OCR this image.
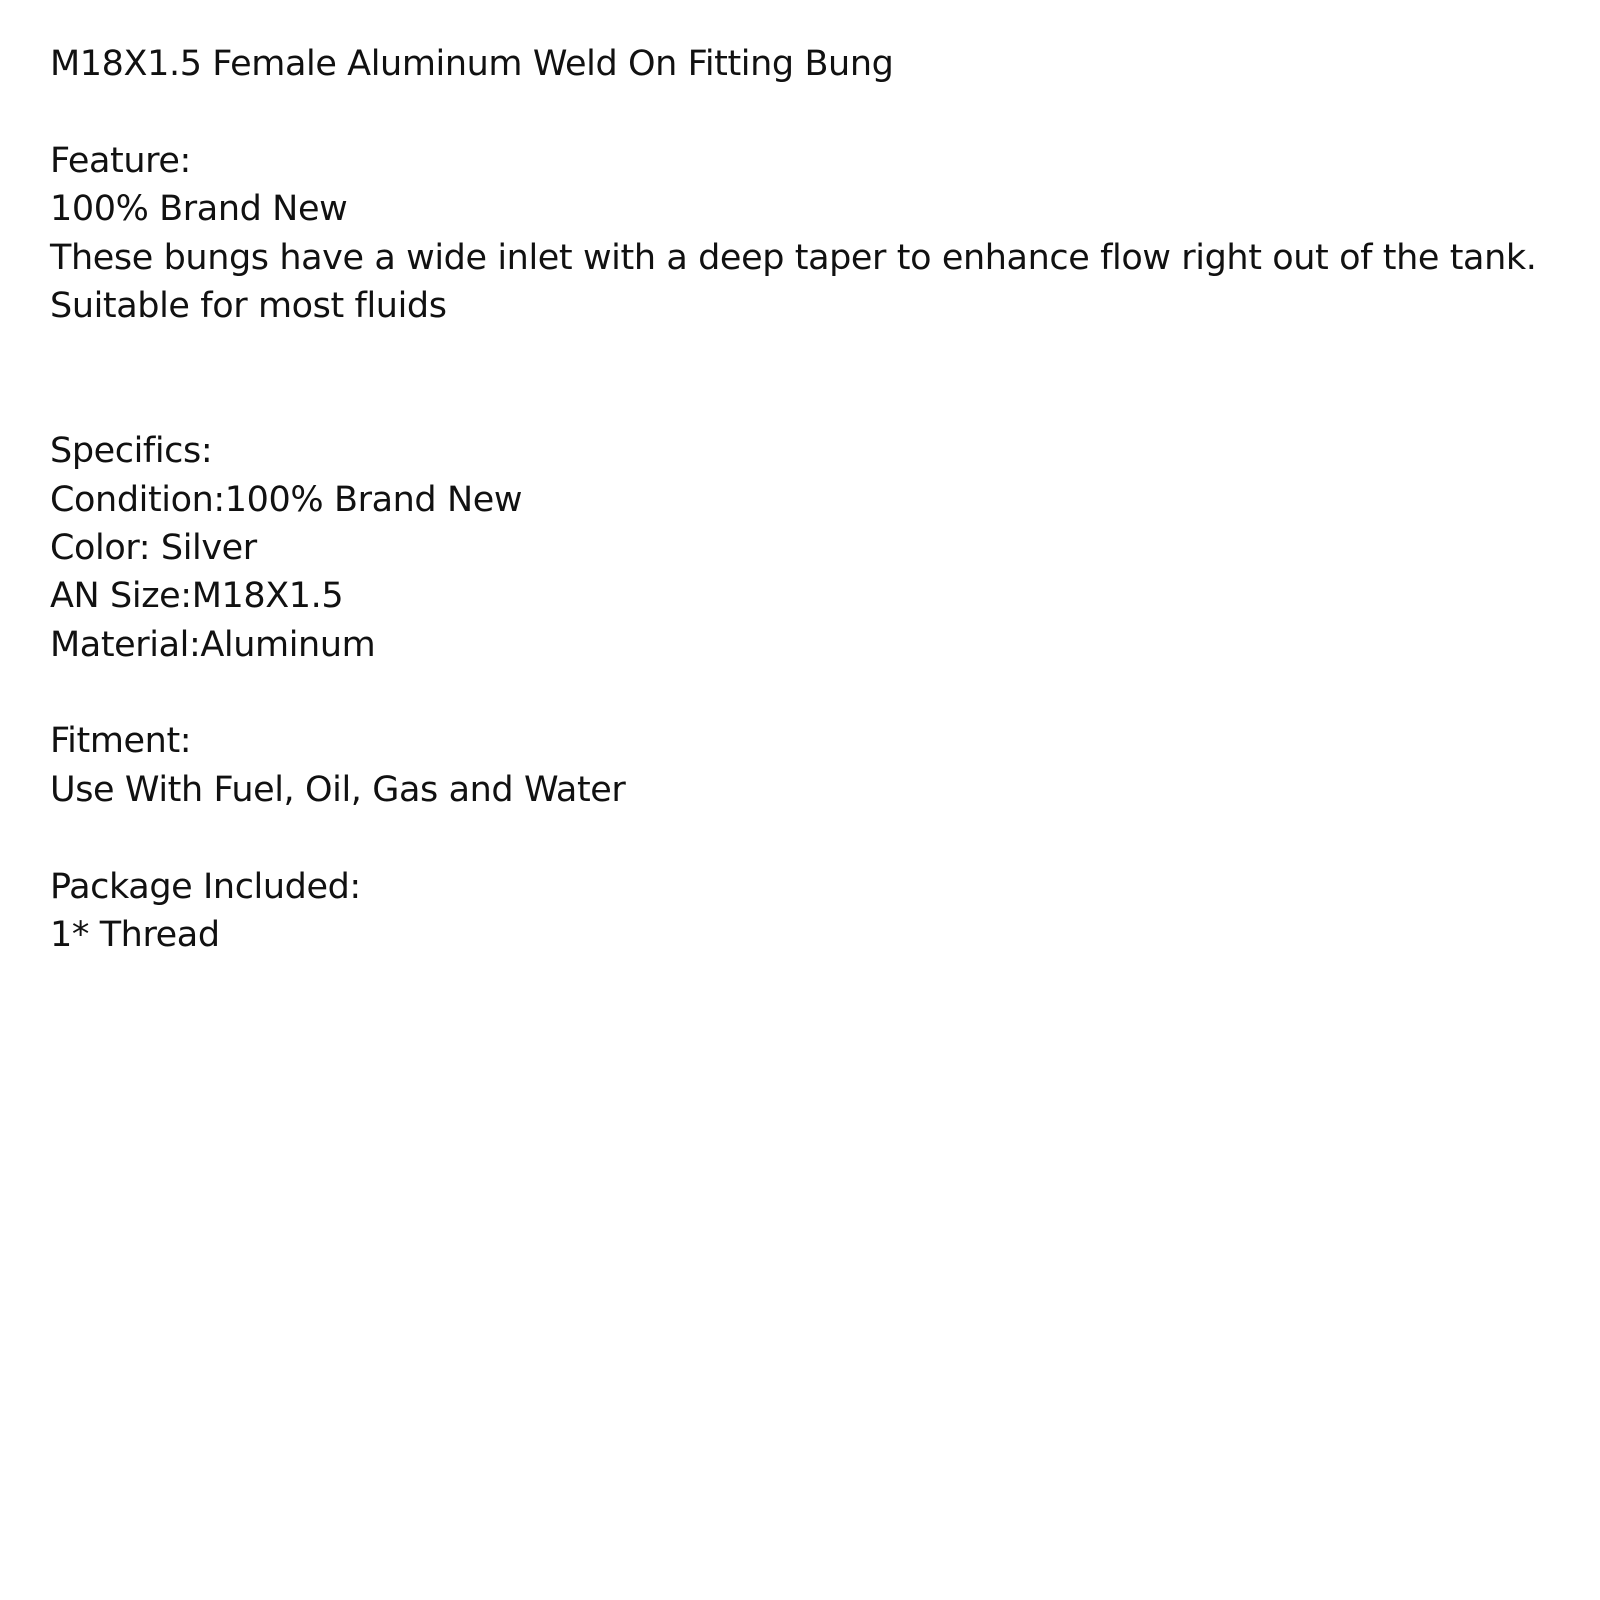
M18X1.5 Female Aluminum Weld On Fitting Bung
Feature:
100% Brand New
These bungs have a wide inlet with a deep taper to enhance flow right out of the tank.
Suitable for most fluids
Specifics:
Condition:100% Brand New
Color: Silver
AN Size:M18X1.5
Material:Aluminum
Fitment:
Use With Fuel, Oil, Gas and Water
Package Included:
1* Thread
